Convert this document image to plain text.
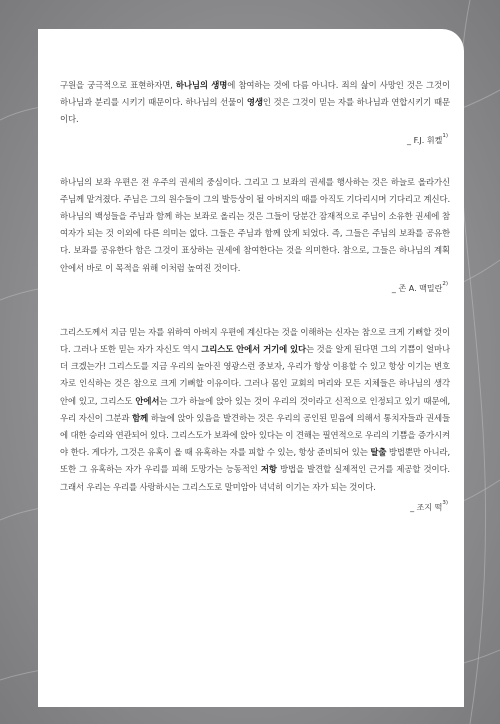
구원을 궁극적으로 표현하자면, 하나님의 생명에 참여하는 것에 다름 아니다. 죄의 삶이 사망인 것은 그것이 하나님과 분리를 시키기 때문이다. 하나님의 선물이 영생인 것은 그것이 믿는 자를 하나님과 연합시키기 때문이다.

_ F.J. 휘켈$^{1)}$

하나님의 보좌 우편은 전 우주의 권세의 중심이다. 그리고 그 보좌의 권세를 행사하는 것은 하늘로 올라가신 주님께 맡겨졌다. 주님은 그의 원수들이 그의 발등상이 될 아버지의 때를 아직도 기다리시며 기다리고 계신다.

하나님의 백성들을 주님과 함께 하는 보좌로 올리는 것은 그들이 당분간 잠재적으로 주님이 소유한 권세에 참여자가 되는 것 이외에 다른 의미는 없다. 그들은 주님과 함께 앉게 되었다. 즉, 그들은 주님의 보좌를 공유한다. 보좌를 공유한다 함은 그것이 표상하는 권세에 참여한다는 것을 의미한다. 참으로, 그들은 하나님의 계획 안에서 바로 이 목적을 위해 이처럼 높여진 것이다.

_ 존 A. 맥밀란$^{2)}$

그리스도께서 지금 믿는 자를 위하여 아버지 우편에 계신다는 것을 이해하는 신자는 참으로 크게 기뻐할 것이다. 그러나 또한 믿는 자가 자신도 역시 그리스도 안에서 거기에 있다는 것을 알게 된다면 그의 기쁨이 얼마나 더 크겠는가! 그리스도를 지금 우리의 높아진 영광스런 중보자, 우리가 항상 이용할 수 있고 항상 이기는 변호자로 인식하는 것은 참으로 크게 기뻐할 이유이다. 그러나 몸인 교회의 머리와 모든 지체들은 하나님의 생각 안에 있고, 그리스도 안에서는 그가 하늘에 앉아 있는 것이 우리의 것이라고 신적으로 인정되고 있기 때문에, 우리 자신이 그분과 함께 하늘에 앉아 있음을 발견하는 것은 우리의 공인된 믿음에 의해서 통치자들과 권세들에 대한 승리와 연관되어 있다. 그리스도가 보좌에 앉아 있다는 이 견해는 필연적으로 우리의 기쁨을 증가시켜야 한다. 게다가, 그것은 유혹이 올 때 유혹하는 자를 피할 수 있는, 항상 준비되어 있는 탈출 방법뿐만 아니라, 또한 그 유혹하는 자가 우리를 피해 도망가는 능동적인 저항 방법을 발견할 실제적인 근거를 제공할 것이다. 그래서 우리는 우리를 사랑하시는 그리스도로 말미암아 넉넉히 이기는 자가 되는 것이다.

_ 조지 떡$^{3)}$
